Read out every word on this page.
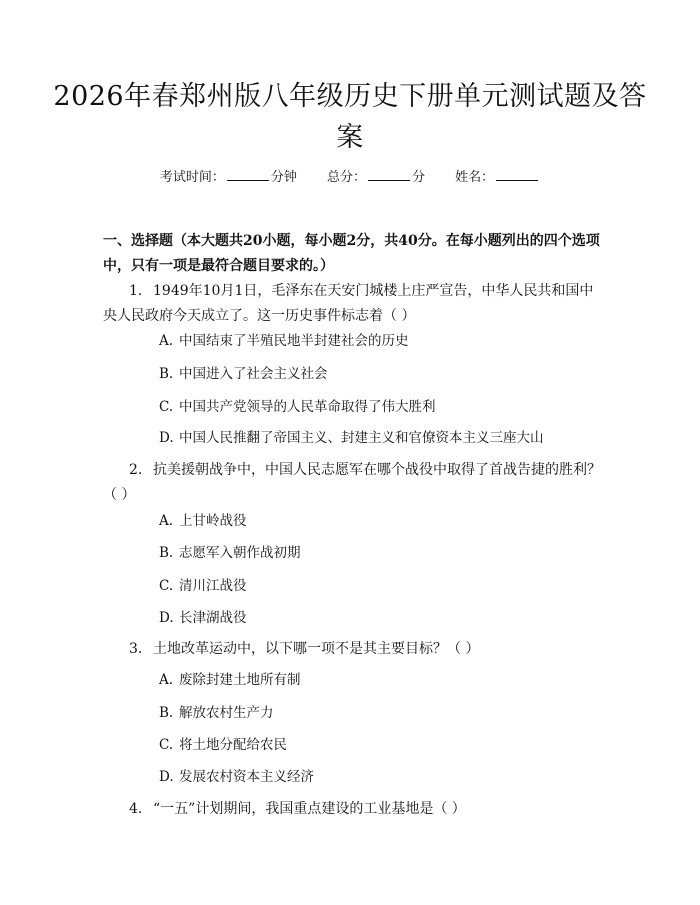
2026年春郑州版八年级历史下册单元测试题及答案
考试时间：	分钟 总分：	分 姓名：
一、选择题（本大题共20小题，每小题2分，共40分。在每小题列出的四个选项中，只有一项是最符合题目要求的。）
1. 1949年10月1日，毛泽东在天安门城楼上庄严宣告，中华人民共和国中央人民政府今天成立了。这一历史事件标志着（ ）
A. 中国结束了半殖民地半封建社会的历史
B. 中国进入了社会主义社会
C. 中国共产党领导的人民革命取得了伟大胜利
D. 中国人民推翻了帝国主义、封建主义和官僚资本主义三座大山
2. 抗美援朝战争中，中国人民志愿军在哪个战役中取得了首战告捷的胜利？（ ）
A. 上甘岭战役
B. 志愿军入朝作战初期
C. 清川江战役
D. 长津湖战役
3. 土地改革运动中，以下哪一项不是其主要目标？（ ）
A. 废除封建土地所有制
B. 解放农村生产力
C. 将土地分配给农民
D. 发展农村资本主义经济
4. “一五”计划期间，我国重点建设的工业基地是（ ）
